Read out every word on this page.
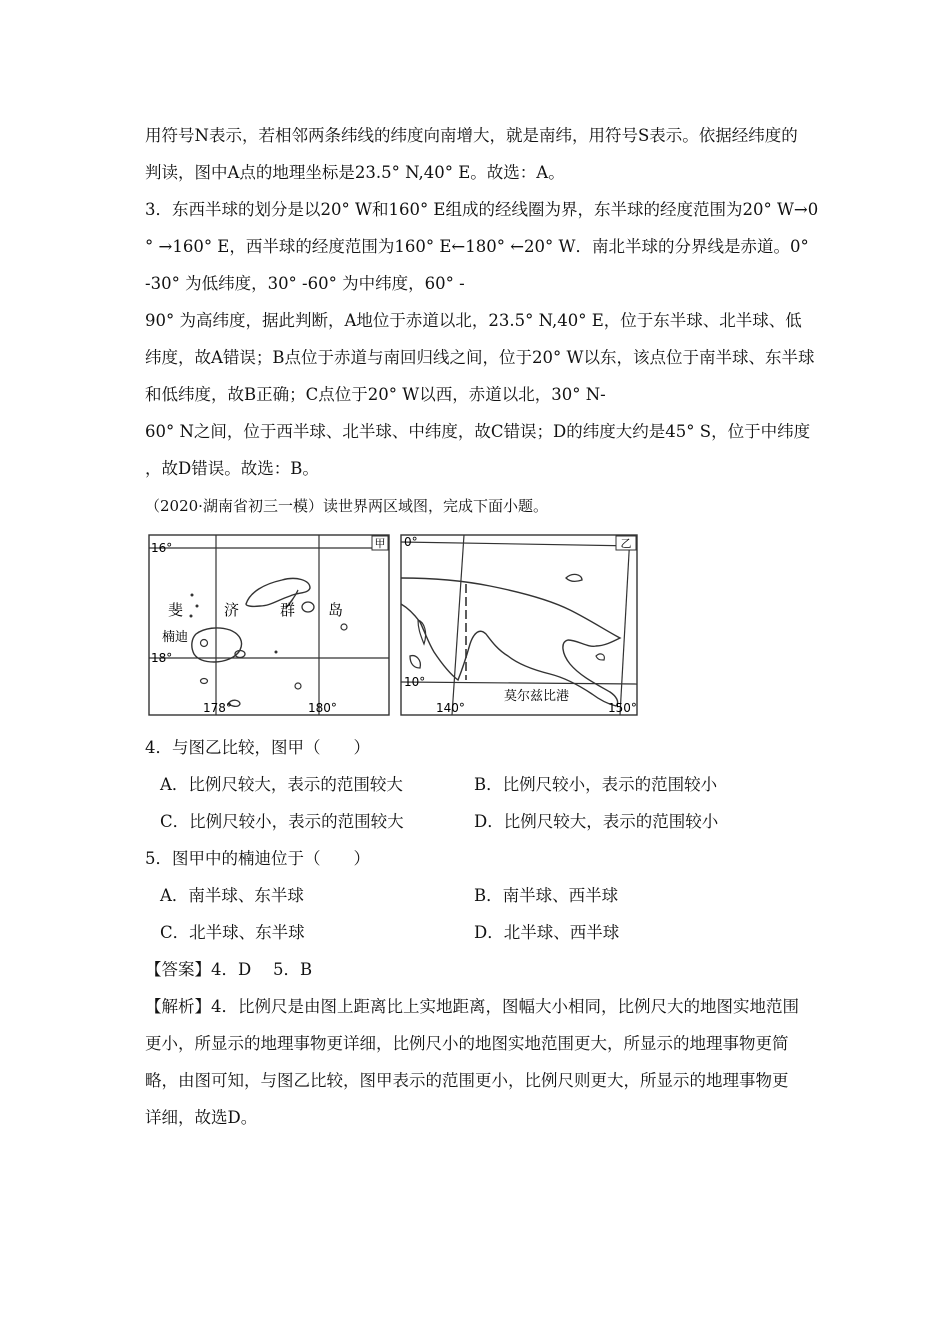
用符号N表示，若相邻两条纬线的纬度向南增大，就是南纬，用符号S表示。依据经纬度的
判读，图中A点的地理坐标是23.5° N,40° E。故选：A。
3．东西半球的划分是以20° W和160° E组成的经线圈为界，东半球的经度范围为20° W→0
° →160° E，西半球的经度范围为160° E←180° ←20° W．南北半球的分界线是赤道。0°
-30° 为低纬度，30° -60° 为中纬度，60° -
90° 为高纬度，据此判断，A地位于赤道以北，23.5° N,40° E，位于东半球、北半球、低
纬度，故A错误；B点位于赤道与南回归线之间，位于20° W以东，该点位于南半球、东半球
和低纬度，故B正确；C点位于20° W以西，赤道以北，30° N-
60° N之间，位于西半球、北半球、中纬度，故C错误；D的纬度大约是45° S，位于中纬度
，故D错误。故选：B。
（2020·湖南省初三一模）读世界两区域图，完成下面小题。
甲
16°
18°
178°	180°
斐	济	群 岛
楠迪
乙
0°
10°
140°	150°
莫尔兹比港
4．与图乙比较，图甲（　　）
A．比例尺较大，表示的范围较大	B．比例尺较小，表示的范围较小
C．比例尺较小，表示的范围较大	D．比例尺较大，表示的范围较小
5．图甲中的楠迪位于（　　）
A．南半球、东半球	B．南半球、西半球
C．北半球、东半球	D．北半球、西半球
【答案】4．D　 5．B
【解析】4．比例尺是由图上距离比上实地距离，图幅大小相同，比例尺大的地图实地范围
更小，所显示的地理事物更详细，比例尺小的地图实地范围更大，所显示的地理事物更简
略，由图可知，与图乙比较，图甲表示的范围更小，比例尺则更大，所显示的地理事物更
详细，故选D。
